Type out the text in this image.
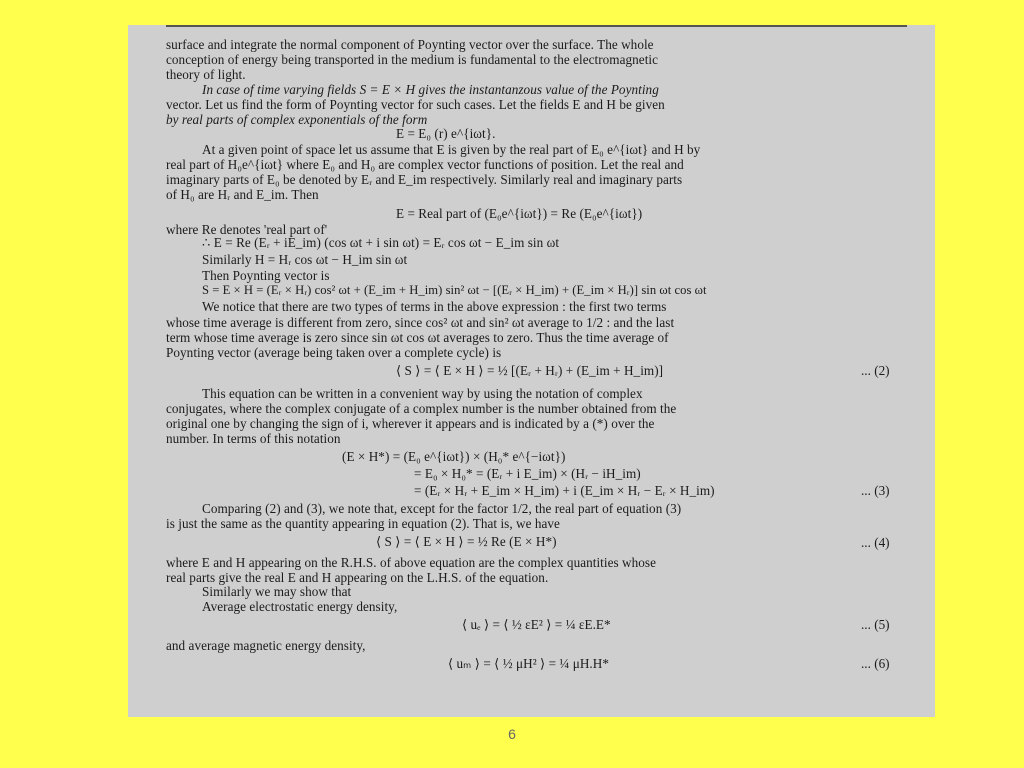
surface and integrate the normal component of Poynting vector over the surface. The whole
conception of energy being transported in the medium is fundamental to the electromagnetic
theory of light.
In case of time varying fields S = E × H gives the instantanzous value of the Poynting
vector. Let us find the form of Poynting vector for such cases. Let the fields E and H be given
by real parts of complex exponentials of the form
E = E₀ (r) e^{iωt}.
At a given point of space let us assume that E is given by the real part of E₀ e^{iωt} and H by
real part of H₀e^{iωt} where E₀ and H₀ are complex vector functions of position. Let the real and
imaginary parts of E₀ be denoted by Eᵣ and E_im respectively. Similarly real and imaginary parts
of H₀ are Hᵣ and E_im. Then
E = Real part of (E₀e^{iωt}) = Re (E₀e^{iωt})
where Re denotes 'real part of'
∴ E = Re (Eᵣ + iE_im) (cos ωt + i sin ωt) = Eᵣ cos ωt − E_im sin ωt
Similarly H = Hᵣ cos ωt − H_im sin ωt
Then Poynting vector is
S = E × H = (Eᵣ × Hᵣ) cos² ωt + (E_im + H_im) sin² ωt − [(Eᵣ × H_im) + (E_im × Hᵣ)] sin ωt cos ωt
We notice that there are two types of terms in the above expression : the first two terms
whose time average is different from zero, since cos² ωt and sin² ωt average to 1/2 : and the last
term whose time average is zero since sin ωt cos ωt averages to zero. Thus the time average of
Poynting vector (average being taken over a complete cycle) is
⟨ S ⟩ = ⟨ E × H ⟩ = ½ [(Eᵣ + Hᵣ) + (E_im + H_im)]	... (2)
This equation can be written in a convenient way by using the notation of complex
conjugates, where the complex conjugate of a complex number is the number obtained from the
original one by changing the sign of i, wherever it appears and is indicated by a (*) over the
number. In terms of this notation
(E × H*) = (E₀ e^{iωt}) × (H₀* e^{−iωt})
= E₀ × H₀* = (Eᵣ + i E_im) × (Hᵣ − iH_im)
= (Eᵣ × Hᵣ + E_im × H_im) + i (E_im × Hᵣ − Eᵣ × H_im)	... (3)
Comparing (2) and (3), we note that, except for the factor 1/2, the real part of equation (3)
is just the same as the quantity appearing in equation (2). That is, we have
⟨ S ⟩ = ⟨ E × H ⟩ = ½ Re (E × H*)	... (4)
where E and H appearing on the R.H.S. of above equation are the complex quantities whose
real parts give the real E and H appearing on the L.H.S. of the equation.
Similarly we may show that
Average electrostatic energy density,
⟨ uₑ ⟩ = ⟨ ½ εE² ⟩ = ¼ εE.E*	... (5)
and average magnetic energy density,
⟨ uₘ ⟩ = ⟨ ½ μH² ⟩ = ¼ μH.H*	... (6)
6
